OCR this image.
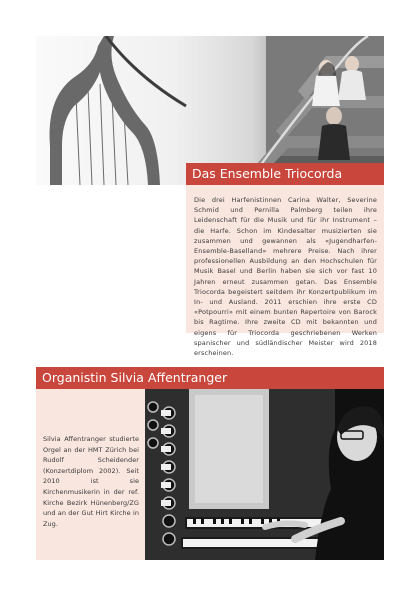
Das Ensemble Triocorda

Die drei Harfenistinnen Carina Walter, Severine Schmid und Pernilla Palmberg teilen ihre Leidenschaft für die Musik und für ihr Instrument – die Harfe. Schon im Kindesalter musizierten sie zusammen und gewannen als «Jugendharfen-Ensemble-Baselland» mehrere Preise. Nach ihrer professionellen Ausbildung an den Hochschulen für Musik Basel und Berlin haben sie sich vor fast 10 Jahren erneut zusammen getan. Das Ensemble Triocorda begeistert seitdem ihr Konzertpublikum im In- und Ausland. 2011 erschien ihre erste CD «Potpourri» mit einem bunten Repertoire von Barock bis Ragtime. Ihre zweite CD mit bekannten und eigens für Triocorda geschriebenen Werken spanischer und südländischer Meister wird 2018 erscheinen.

Organistin Silvia Affentranger

Silvia Affentranger studierte Orgel an der HMT Zürich bei Rudolf Scheidender (Konzertdiplom 2002). Seit 2010 ist sie Kirchenmusikerin in der ref. Kirche Bezirk Hünenberg/ZG und an der Gut Hirt Kirche in Zug.
